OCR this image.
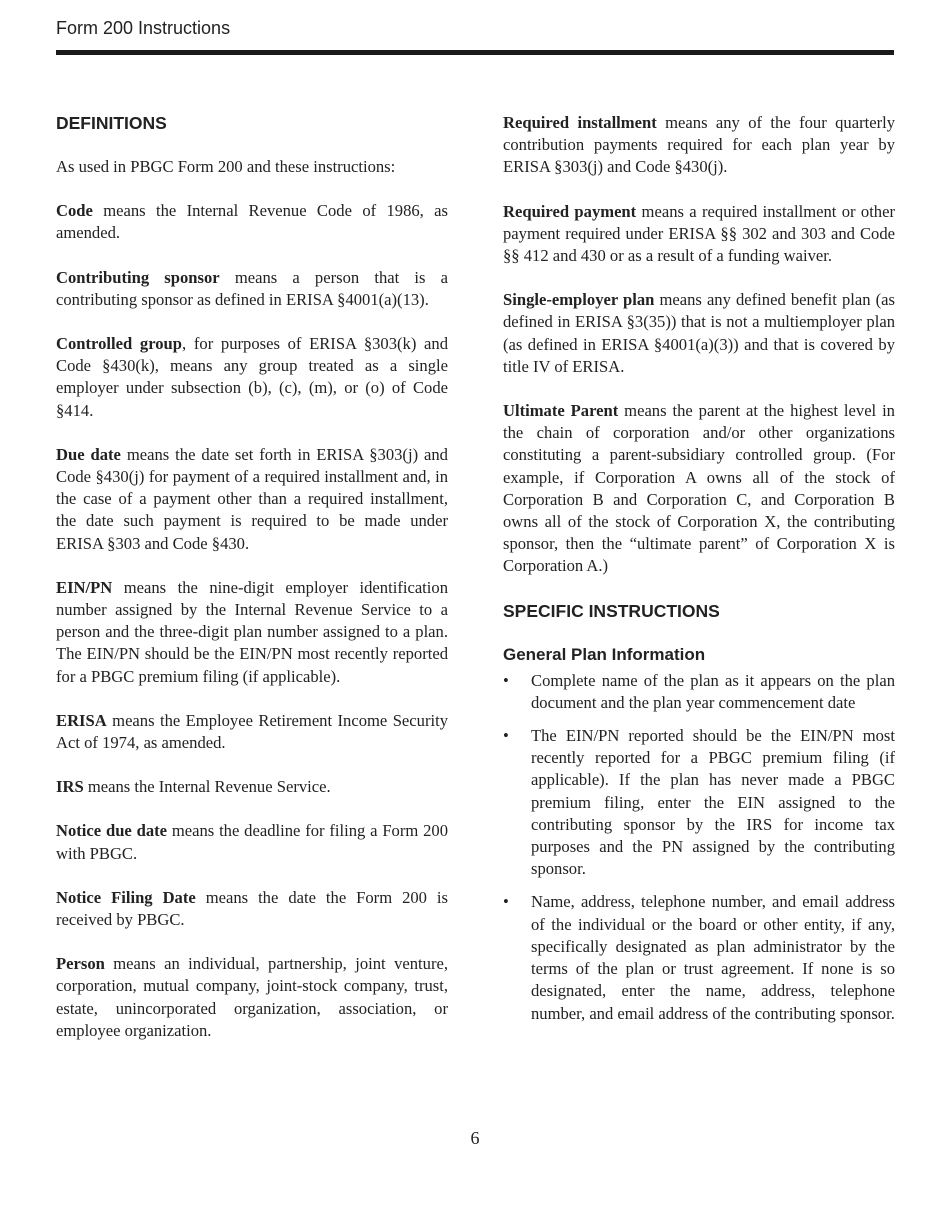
Form 200 Instructions
DEFINITIONS

As used in PBGC Form 200 and these instructions:

Code means the Internal Revenue Code of 1986, as amended.

Contributing sponsor means a person that is a contributing sponsor as defined in ERISA §4001(a)(13).

Controlled group, for purposes of ERISA §303(k) and Code §430(k), means any group treated as a single employer under subsection (b), (c), (m), or (o) of Code §414.

Due date means the date set forth in ERISA §303(j) and Code §430(j) for payment of a required installment and, in the case of a payment other than a required installment, the date such payment is required to be made under ERISA §303 and Code §430.

EIN/PN means the nine-digit employer identification number assigned by the Internal Revenue Service to a person and the three-digit plan number assigned to a plan. The EIN/PN should be the EIN/PN most recently reported for a PBGC premium filing (if applicable).

ERISA means the Employee Retirement Income Security Act of 1974, as amended.

IRS means the Internal Revenue Service.

Notice due date means the deadline for filing a Form 200 with PBGC.

Notice Filing Date means the date the Form 200 is received by PBGC.

Person means an individual, partnership, joint venture, corporation, mutual company, joint-stock company, trust, estate, unincorporated organization, association, or employee organization.

Required installment means any of the four quarterly contribution payments required for each plan year by ERISA §303(j) and Code §430(j).

Required payment means a required installment or other payment required under ERISA §§ 302 and 303 and Code §§ 412 and 430 or as a result of a funding waiver.

Single-employer plan means any defined benefit plan (as defined in ERISA §3(35)) that is not a multiemployer plan (as defined in ERISA §4001(a)(3)) and that is covered by title IV of ERISA.

Ultimate Parent means the parent at the highest level in the chain of corporation and/or other organizations constituting a parent-subsidiary controlled group. (For example, if Corporation A owns all of the stock of Corporation B and Corporation C, and Corporation B owns all of the stock of Corporation X, the contributing sponsor, then the “ultimate parent” of Corporation X is Corporation A.)

SPECIFIC INSTRUCTIONS
General Plan Information
• Complete name of the plan as it appears on the plan document and the plan year commencement date
• The EIN/PN reported should be the EIN/PN most recently reported for a PBGC premium filing (if applicable). If the plan has never made a PBGC premium filing, enter the EIN assigned to the contributing sponsor by the IRS for income tax purposes and the PN assigned by the contributing sponsor.
• Name, address, telephone number, and email address of the individual or the board or other entity, if any, specifically designated as plan administrator by the terms of the plan or trust agreement. If none is so designated, enter the name, address, telephone number, and email address of the contributing sponsor.
6
